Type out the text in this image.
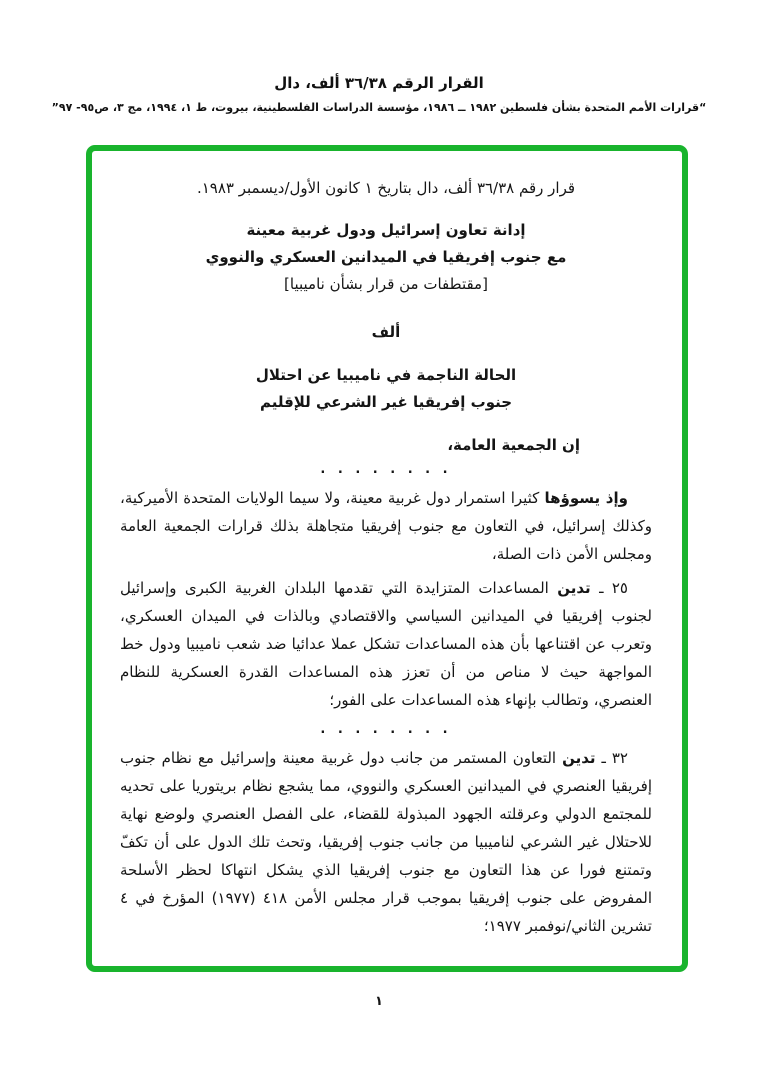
القرار الرقم ٣٦/٣٨ ألف، دال
“قرارات الأمم المتحدة بشأن فلسطين ١٩٨٢ ــ ١٩٨٦، مؤسسة الدراسات الفلسطينية، بيروت، ط ١، ١٩٩٤، مج ٣، ص٩٥- ٩٧”
قرار رقم ٣٦/٣٨ ألف، دال بتاريخ ١ كانون الأول/ديسمبر ١٩٨٣.
إدانة تعاون إسرائيل ودول غربية معينة
مع جنوب إفريقيا في الميدانين العسكري والنووي
[مقتطفات من قرار بشأن ناميبيا]
ألف
الحالة الناجمة في ناميبيا عن احتلال
جنوب إفريقيا غير الشرعي للإقليم
إن الجمعية العامة،
. . . . . . . .

وإذ يسوؤها كثيرا استمرار دول غربية معينة، ولا سيما الولايات المتحدة الأميركية، وكذلك إسرائيل، في التعاون مع جنوب إفريقيا متجاهلة بذلك قرارات الجمعية العامة ومجلس الأمن ذات الصلة،

٢٥ ـ تدين المساعدات المتزايدة التي تقدمها البلدان الغربية الكبرى وإسرائيل لجنوب إفريقيا في الميدانين السياسي والاقتصادي وبالذات في الميدان العسكري، وتعرب عن اقتناعها بأن هذه المساعدات تشكل عملا عدائيا ضد شعب ناميبيا ودول خط المواجهة حيث لا مناص من أن تعزز هذه المساعدات القدرة العسكرية للنظام العنصري، وتطالب بإنهاء هذه المساعدات على الفور؛

. . . . . . . .

٣٢ ـ تدين التعاون المستمر من جانب دول غربية معينة وإسرائيل مع نظام جنوب إفريقيا العنصري في الميدانين العسكري والنووي، مما يشجع نظام بريتوريا على تحديه للمجتمع الدولي وعرقلته الجهود المبذولة للقضاء، على الفصل العنصري ولوضع نهاية للاحتلال غير الشرعي لناميبيا من جانب جنوب إفريقيا، وتحث تلك الدول على أن تكفّ وتمتنع فورا عن هذا التعاون مع جنوب إفريقيا الذي يشكل انتهاكا لحظر الأسلحة المفروض على جنوب إفريقيا بموجب قرار مجلس الأمن ٤١٨ (١٩٧٧) المؤرخ في ٤ تشرين الثاني/نوفمبر ١٩٧٧؛

١
